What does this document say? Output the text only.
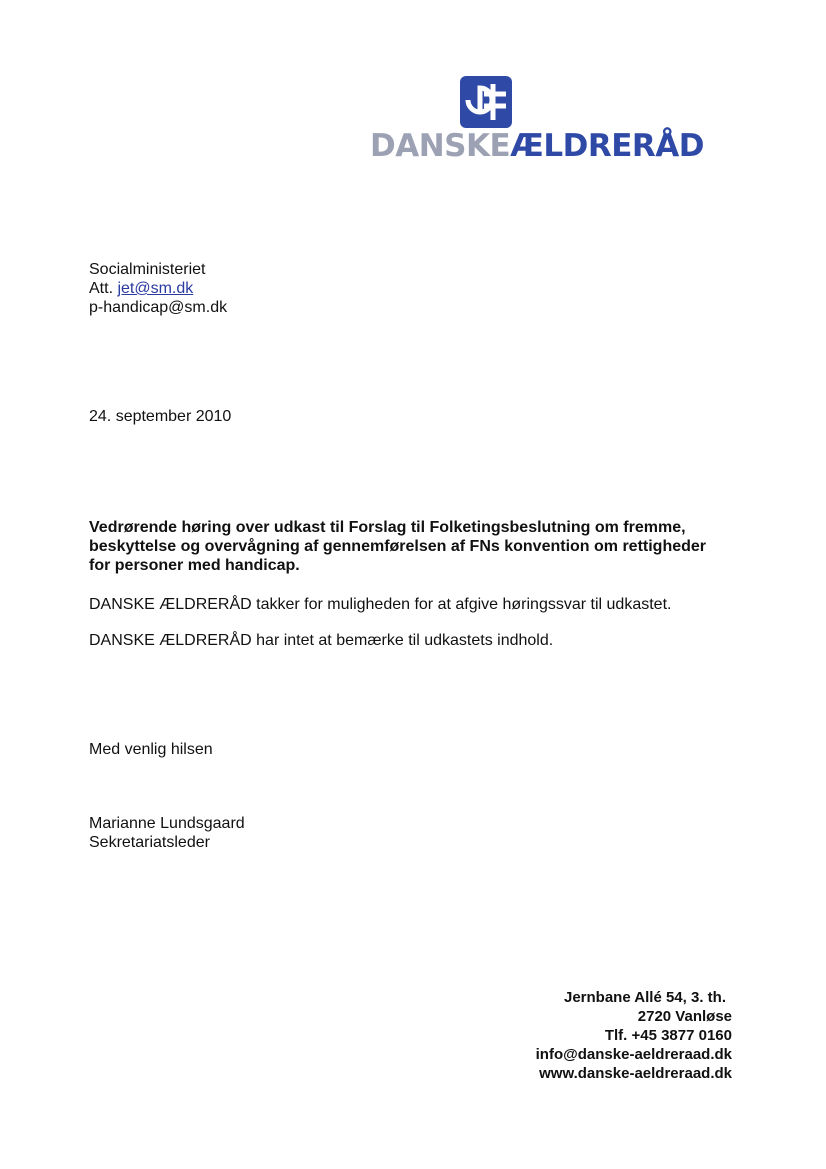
DANSKEÆLDRERÅD
Socialministeriet
Att. jet@sm.dk
p-handicap@sm.dk
24. september 2010
Vedrørende høring over udkast til Forslag til Folketingsbeslutning om fremme,
beskyttelse og overvågning af gennemførelsen af FNs konvention om rettigheder
for personer med handicap.
DANSKE ÆLDRERÅD takker for muligheden for at afgive høringssvar til udkastet.
DANSKE ÆLDRERÅD har intet at bemærke til udkastets indhold.
Med venlig hilsen
Marianne Lundsgaard
Sekretariatsleder
Jernbane Allé 54, 3. th.
2720 Vanløse
Tlf. +45 3877 0160
info@danske-aeldreraad.dk
www.danske-aeldreraad.dk
